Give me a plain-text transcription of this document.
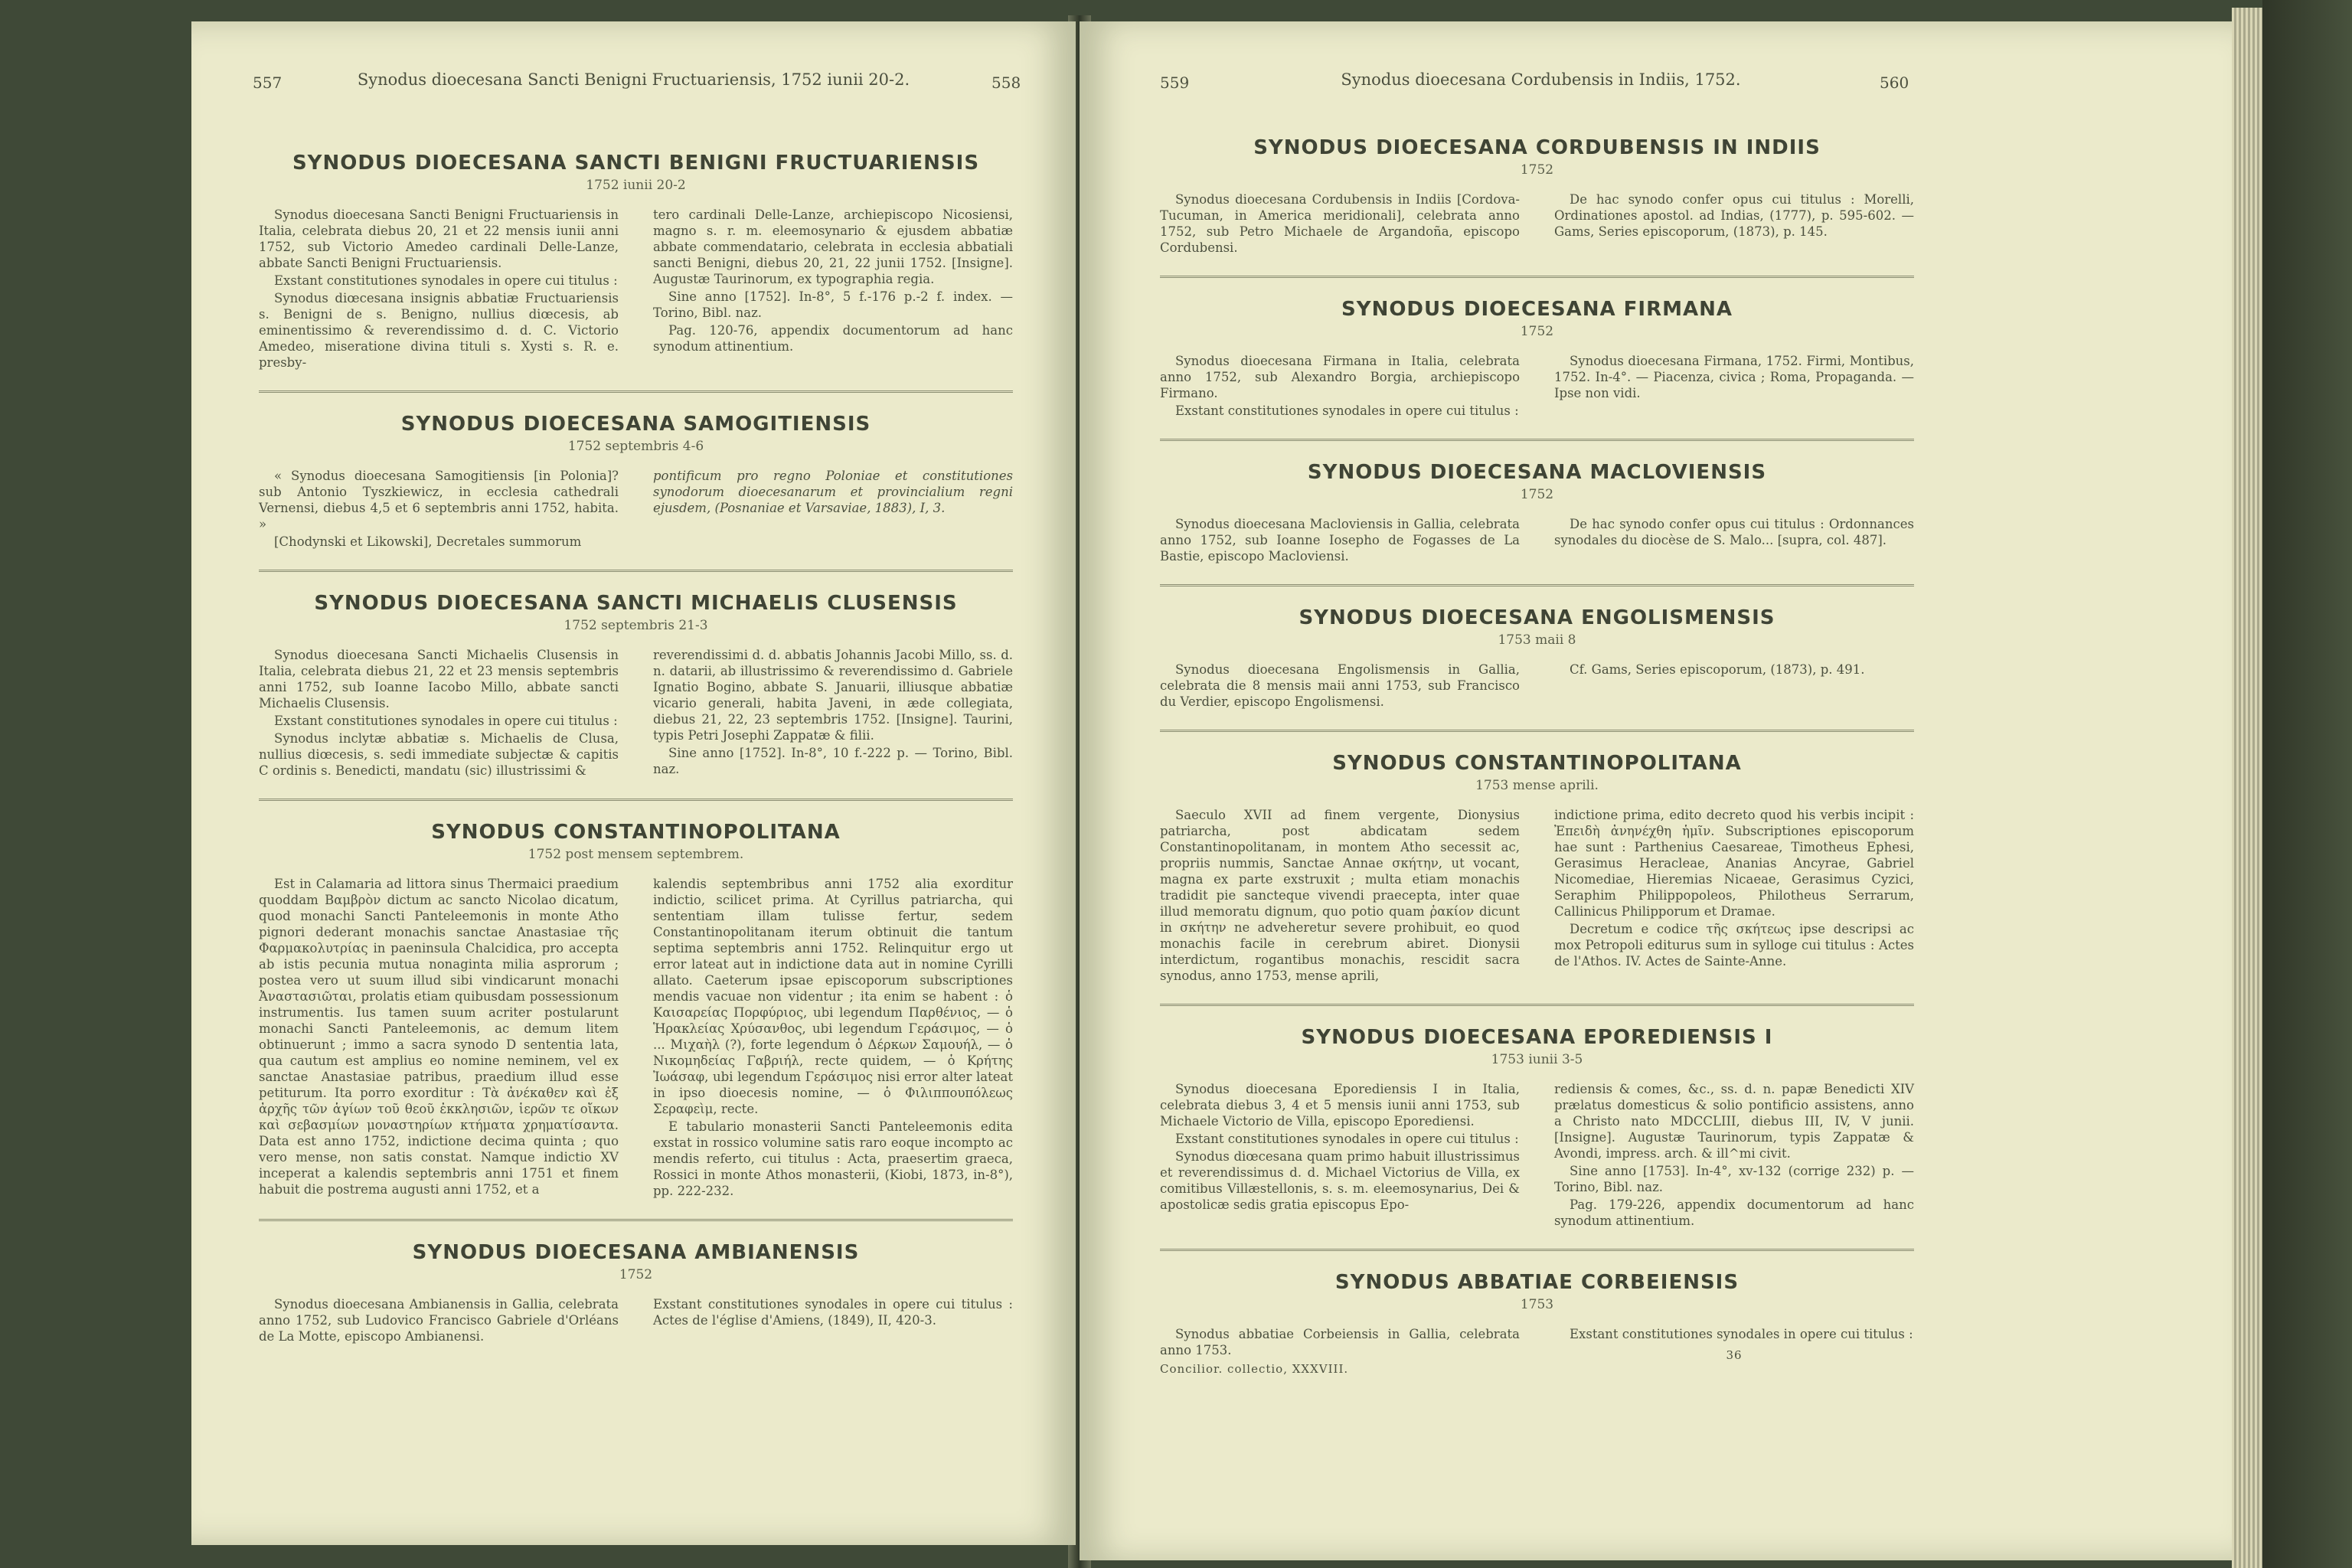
557	Synodus dioecesana Sancti Benigni Fructuariensis, 1752 iunii 20-2.	558
SYNODUS DIOECESANA SANCTI BENIGNI FRUCTUARIENSIS
1752 iunii 20-2

Synodus dioecesana Sancti Benigni Fructuariensis in Italia, celebrata diebus 20, 21 et 22 mensis iunii anni 1752, sub Victorio Amedeo cardinali Delle-Lanze, abbate Sancti Benigni Fructuariensis.

Exstant constitutiones synodales in opere cui titulus :

Synodus diœcesana insignis abbatiæ Fructuariensis s. Benigni de s. Benigno, nullius diœcesis, ab eminentissimo & reverendissimo d. d. C. Victorio Amedeo, miseratione divina tituli s. Xysti s. R. e. presby-

tero cardinali Delle-Lanze, archiepiscopo Nicosiensi, magno s. r. m. eleemosynario & ejusdem abbatiæ abbate commendatario, celebrata in ecclesia abbatiali sancti Benigni, diebus 20, 21, 22 junii 1752. [Insigne]. Augustæ Taurinorum, ex typographia regia.

Sine anno [1752]. In-8°, 5 f.-176 p.-2 f. index. — Torino, Bibl. naz.

Pag. 120-76, appendix documentorum ad hanc synodum attinentium.

SYNODUS DIOECESANA SAMOGITIENSIS
1752 septembris 4-6

« Synodus dioecesana Samogitiensis [in Polonia]? sub Antonio Tyszkiewicz, in ecclesia cathedrali Vernensi, diebus 4,5 et 6 septembris anni 1752, habita. »

[Chodynski et Likowski], Decretales summorum

pontificum pro regno Poloniae et constitutiones synodorum dioecesanarum et provincialium regni ejusdem, (Posnaniae et Varsaviae, 1883), I, 3.

SYNODUS DIOECESANA SANCTI MICHAELIS CLUSENSIS
1752 septembris 21-3

Synodus dioecesana Sancti Michaelis Clusensis in Italia, celebrata diebus 21, 22 et 23 mensis septembris anni 1752, sub Ioanne Iacobo Millo, abbate sancti Michaelis Clusensis.

Exstant constitutiones synodales in opere cui titulus :

Synodus inclytæ abbatiæ s. Michaelis de Clusa, nullius diœcesis, s. sedi immediate subjectæ & capitis C ordinis s. Benedicti, mandatu (sic) illustrissimi &

reverendissimi d. d. abbatis Johannis Jacobi Millo, ss. d. n. datarii, ab illustrissimo & reverendissimo d. Gabriele Ignatio Bogino, abbate S. Januarii, illiusque abbatiæ vicario generali, habita Javeni, in æde collegiata, diebus 21, 22, 23 septembris 1752. [Insigne]. Taurini, typis Petri Josephi Zappatæ & filii.

Sine anno [1752]. In-8°, 10 f.-222 p. — Torino, Bibl. naz.

SYNODUS CONSTANTINOPOLITANA
1752 post mensem septembrem.

Est in Calamaria ad littora sinus Thermaici praedium quoddam Βαμβρὸν dictum ac sancto Nicolao dicatum, quod monachi Sancti Panteleemonis in monte Atho pignori dederant monachis sanctae Anastasiae τῆς Φαρμακολυτρίας in paeninsula Chalcidica, pro accepta ab istis pecunia mutua nonaginta milia asprorum ; postea vero ut suum illud sibi vindicarunt monachi Ἀναστασιῶται, prolatis etiam quibusdam possessionum instrumentis. Ius tamen suum acriter postularunt monachi Sancti Panteleemonis, ac demum litem obtinuerunt ; immo a sacra synodo D sententia lata, qua cautum est amplius eo nomine neminem, vel ex sanctae Anastasiae patribus, praedium illud esse petiturum. Ita porro exorditur : Τὰ ἀνέκαθεν καὶ ἐξ ἀρχῆς τῶν ἁγίων τοῦ θεοῦ ἐκκλησιῶν, ἱερῶν τε οἴκων καὶ σεβασμίων μοναστηρίων κτήματα χρηματίσαντα. Data est anno 1752, indictione decima quinta ; quo vero mense, non satis constat. Namque indictio XV inceperat a kalendis septembris anni 1751 et finem habuit die postrema augusti anni 1752, et a

kalendis septembribus anni 1752 alia exorditur indictio, scilicet prima. At Cyrillus patriarcha, qui sententiam illam tulisse fertur, sedem Constantinopolitanam iterum obtinuit die tantum septima septembris anni 1752. Relinquitur ergo ut error lateat aut in indictione data aut in nomine Cyrilli allato. Caeterum ipsae episcoporum subscriptiones mendis vacuae non videntur ; ita enim se habent : ὁ Καισαρείας Πορφύριος, ubi legendum Παρθένιος, — ὁ Ἡρακλείας Χρύσανθος, ubi legendum Γεράσιμος, — ὁ ... Μιχαὴλ (?), forte legendum ὁ Δέρκων Σαμουήλ, — ὁ Νικομηδείας Γαβριήλ, recte quidem, — ὁ Κρήτης Ἰωάσαφ, ubi legendum Γεράσιμος nisi error alter lateat in ipso dioecesis nomine, — ὁ Φιλιππουπόλεως Σεραφεὶμ, recte.

E tabulario monasterii Sancti Panteleemonis edita exstat in rossico volumine satis raro eoque incompto ac mendis referto, cui titulus : Acta, praesertim graeca, Rossici in monte Athos monasterii, (Kiobi, 1873, in-8°), pp. 222-232.

SYNODUS DIOECESANA AMBIANENSIS
1752

Synodus dioecesana Ambianensis in Gallia, celebrata anno 1752, sub Ludovico Francisco Gabriele d'Orléans de La Motte, episcopo Ambianensi.

Exstant constitutiones synodales in opere cui titulus : Actes de l'église d'Amiens, (1849), II, 420-3.

559	Synodus dioecesana Cordubensis in Indiis, 1752.	560
SYNODUS DIOECESANA CORDUBENSIS IN INDIIS
1752

Synodus dioecesana Cordubensis in Indiis [Cordova-Tucuman, in America meridionali], celebrata anno 1752, sub Petro Michaele de Argandoña, episcopo Cordubensi.

De hac synodo confer opus cui titulus : Morelli, Ordinationes apostol. ad Indias, (1777), p. 595-602. — Gams, Series episcoporum, (1873), p. 145.

SYNODUS DIOECESANA FIRMANA
1752

Synodus dioecesana Firmana in Italia, celebrata anno 1752, sub Alexandro Borgia, archiepiscopo Firmano.

Exstant constitutiones synodales in opere cui titulus :

Synodus dioecesana Firmana, 1752. Firmi, Montibus, 1752. In-4°. — Piacenza, civica ; Roma, Propaganda. — Ipse non vidi.

SYNODUS DIOECESANA MACLOVIENSIS
1752

Synodus dioecesana Macloviensis in Gallia, celebrata anno 1752, sub Ioanne Iosepho de Fogasses de La Bastie, episcopo Macloviensi.

De hac synodo confer opus cui titulus : Ordonnances synodales du diocèse de S. Malo... [supra, col. 487].

SYNODUS DIOECESANA ENGOLISMENSIS
1753 maii 8

Synodus dioecesana Engolismensis in Gallia, celebrata die 8 mensis maii anni 1753, sub Francisco du Verdier, episcopo Engolismensi.

Cf. Gams, Series episcoporum, (1873), p. 491.

SYNODUS CONSTANTINOPOLITANA
1753 mense aprili.

Saeculo XVII ad finem vergente, Dionysius patriarcha, post abdicatam sedem Constantinopolitanam, in montem Atho secessit ac, propriis nummis, Sanctae Annae σκήτην, ut vocant, magna ex parte exstruxit ; multa etiam monachis tradidit pie sancteque vivendi praecepta, inter quae illud memoratu dignum, quo potio quam ῥακίον dicunt in σκήτην ne adveheretur severe prohibuit, eo quod monachis facile in cerebrum abiret. Dionysii interdictum, rogantibus monachis, rescidit sacra synodus, anno 1753, mense aprili,

indictione prima, edito decreto quod his verbis incipit : Ἐπειδὴ ἀνηνέχθη ἡμῖν. Subscriptiones episcoporum hae sunt : Parthenius Caesareae, Timotheus Ephesi, Gerasimus Heracleae, Ananias Ancyrae, Gabriel Nicomediae, Hieremias Nicaeae, Gerasimus Cyzici, Seraphim Philippopoleos, Philotheus Serrarum, Callinicus Philipporum et Dramae.

Decretum e codice τῆς σκήτεως ipse descripsi ac mox Petropoli editurus sum in sylloge cui titulus : Actes de l'Athos. IV. Actes de Sainte-Anne.

SYNODUS DIOECESANA EPOREDIENSIS I
1753 iunii 3-5

Synodus dioecesana Eporediensis I in Italia, celebrata diebus 3, 4 et 5 mensis iunii anni 1753, sub Michaele Victorio de Villa, episcopo Eporediensi.

Exstant constitutiones synodales in opere cui titulus :

Synodus diœcesana quam primo habuit illustrissimus et reverendissimus d. d. Michael Victorius de Villa, ex comitibus Villæstellonis, s. s. m. eleemosynarius, Dei & apostolicæ sedis gratia episcopus Epo-

rediensis & comes, &c., ss. d. n. papæ Benedicti XIV prælatus domesticus & solio pontificio assistens, anno a Christo nato MDCCLIII, diebus III, IV, V junii. [Insigne]. Augustæ Taurinorum, typis Zappatæ & Avondi, impress. arch. & ill^mi civit.

Sine anno [1753]. In-4°, xv-132 (corrige 232) p. — Torino, Bibl. naz.

Pag. 179-226, appendix documentorum ad hanc synodum attinentium.

SYNODUS ABBATIAE CORBEIENSIS
1753

Synodus abbatiae Corbeiensis in Gallia, celebrata anno 1753.

Concilior. collectio, XXXVIII.

Exstant constitutiones synodales in opere cui titulus :

36
